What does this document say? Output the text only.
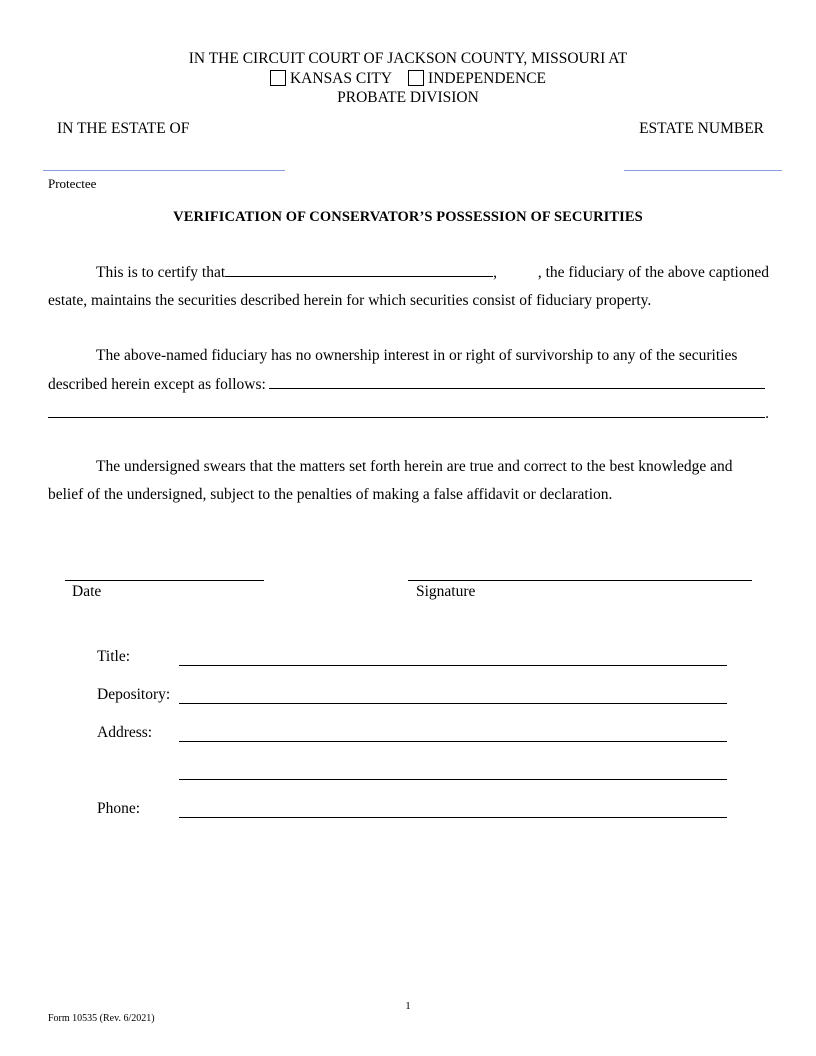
IN THE CIRCUIT COURT OF JACKSON COUNTY, MISSOURI AT
KANSAS CITY INDEPENDENCE
PROBATE DIVISION
IN THE ESTATE OF	ESTATE NUMBER
Protectee
VERIFICATION OF CONSERVATOR’S POSSESSION OF SECURITIES
This is to certify that	,	, the fiduciary of the above captioned
estate, maintains the securities described herein for which securities consist of fiduciary property.
The above-named fiduciary has no ownership interest in or right of survivorship to any of the securities
described herein except as follows:
.
The undersigned swears that the matters set forth herein are true and correct to the best knowledge and
belief of the undersigned, subject to the penalties of making a false affidavit or declaration.
Date	Signature
Title:
Depository:
Address:
Phone:
1
Form 10535 (Rev. 6/2021)
